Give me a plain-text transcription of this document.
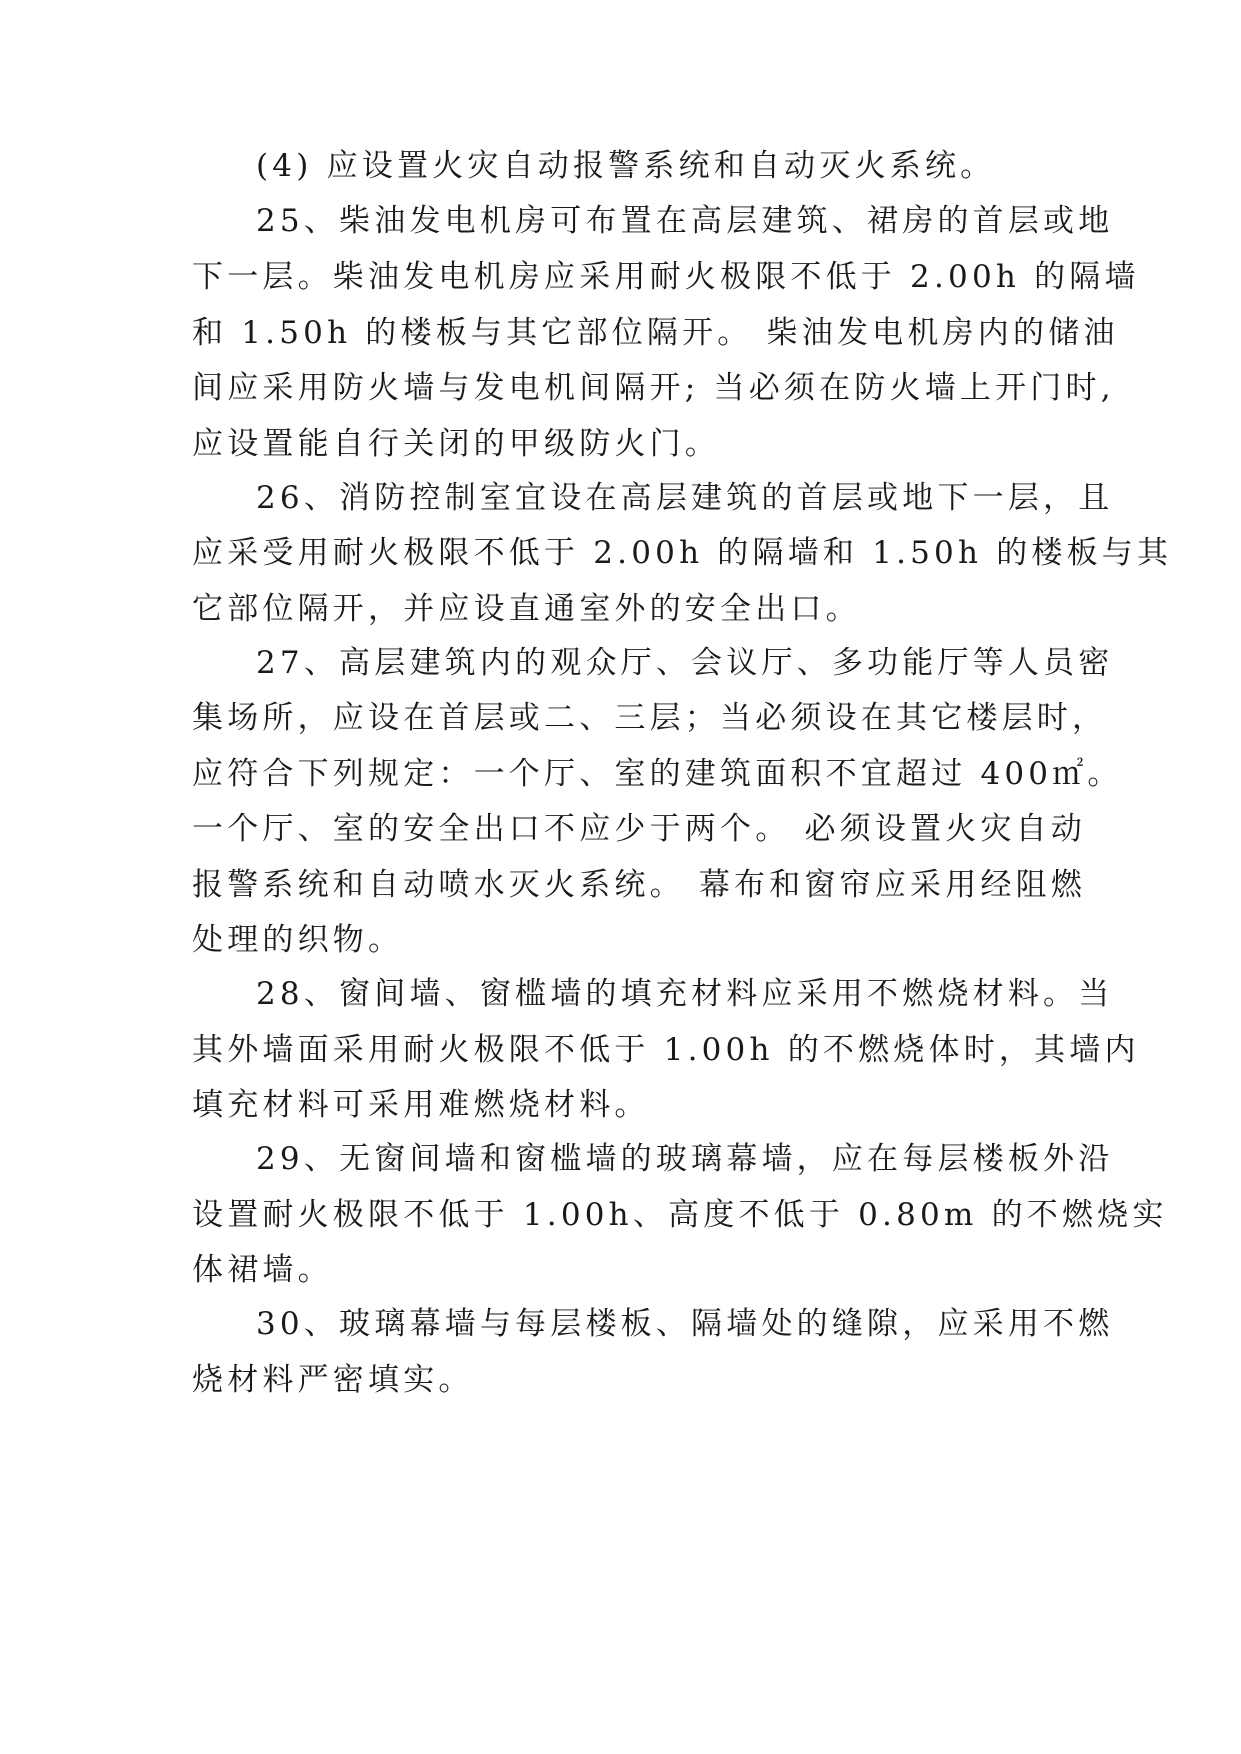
(4) 应设置火灾自动报警系统和自动灭火系统。
25、柴油发电机房可布置在高层建筑、裙房的首层或地
下一层。柴油发电机房应采用耐火极限不低于 2.00h 的隔墙
和 1.50h 的楼板与其它部位隔开。 柴油发电机房内的储油
间应采用防火墙与发电机间隔开; 当必须在防火墙上开门时,
应设置能自行关闭的甲级防火门。
26、消防控制室宜设在高层建筑的首层或地下一层，且
应采受用耐火极限不低于 2.00h 的隔墙和 1.50h 的楼板与其
它部位隔开，并应设直通室外的安全出口。
27、高层建筑内的观众厅、会议厅、多功能厅等人员密
集场所，应设在首层或二、三层；当必须设在其它楼层时，
应符合下列规定：一个厅、室的建筑面积不宜超过 400㎡。
一个厅、室的安全出口不应少于两个。 必须设置火灾自动
报警系统和自动喷水灭火系统。 幕布和窗帘应采用经阻燃
处理的织物。
28、窗间墙、窗槛墙的填充材料应采用不燃烧材料。当
其外墙面采用耐火极限不低于 1.00h 的不燃烧体时，其墙内
填充材料可采用难燃烧材料。
29、无窗间墙和窗槛墙的玻璃幕墙，应在每层楼板外沿
设置耐火极限不低于 1.00h、高度不低于 0.80m 的不燃烧实
体裙墙。
30、玻璃幕墙与每层楼板、隔墙处的缝隙，应采用不燃
烧材料严密填实。
